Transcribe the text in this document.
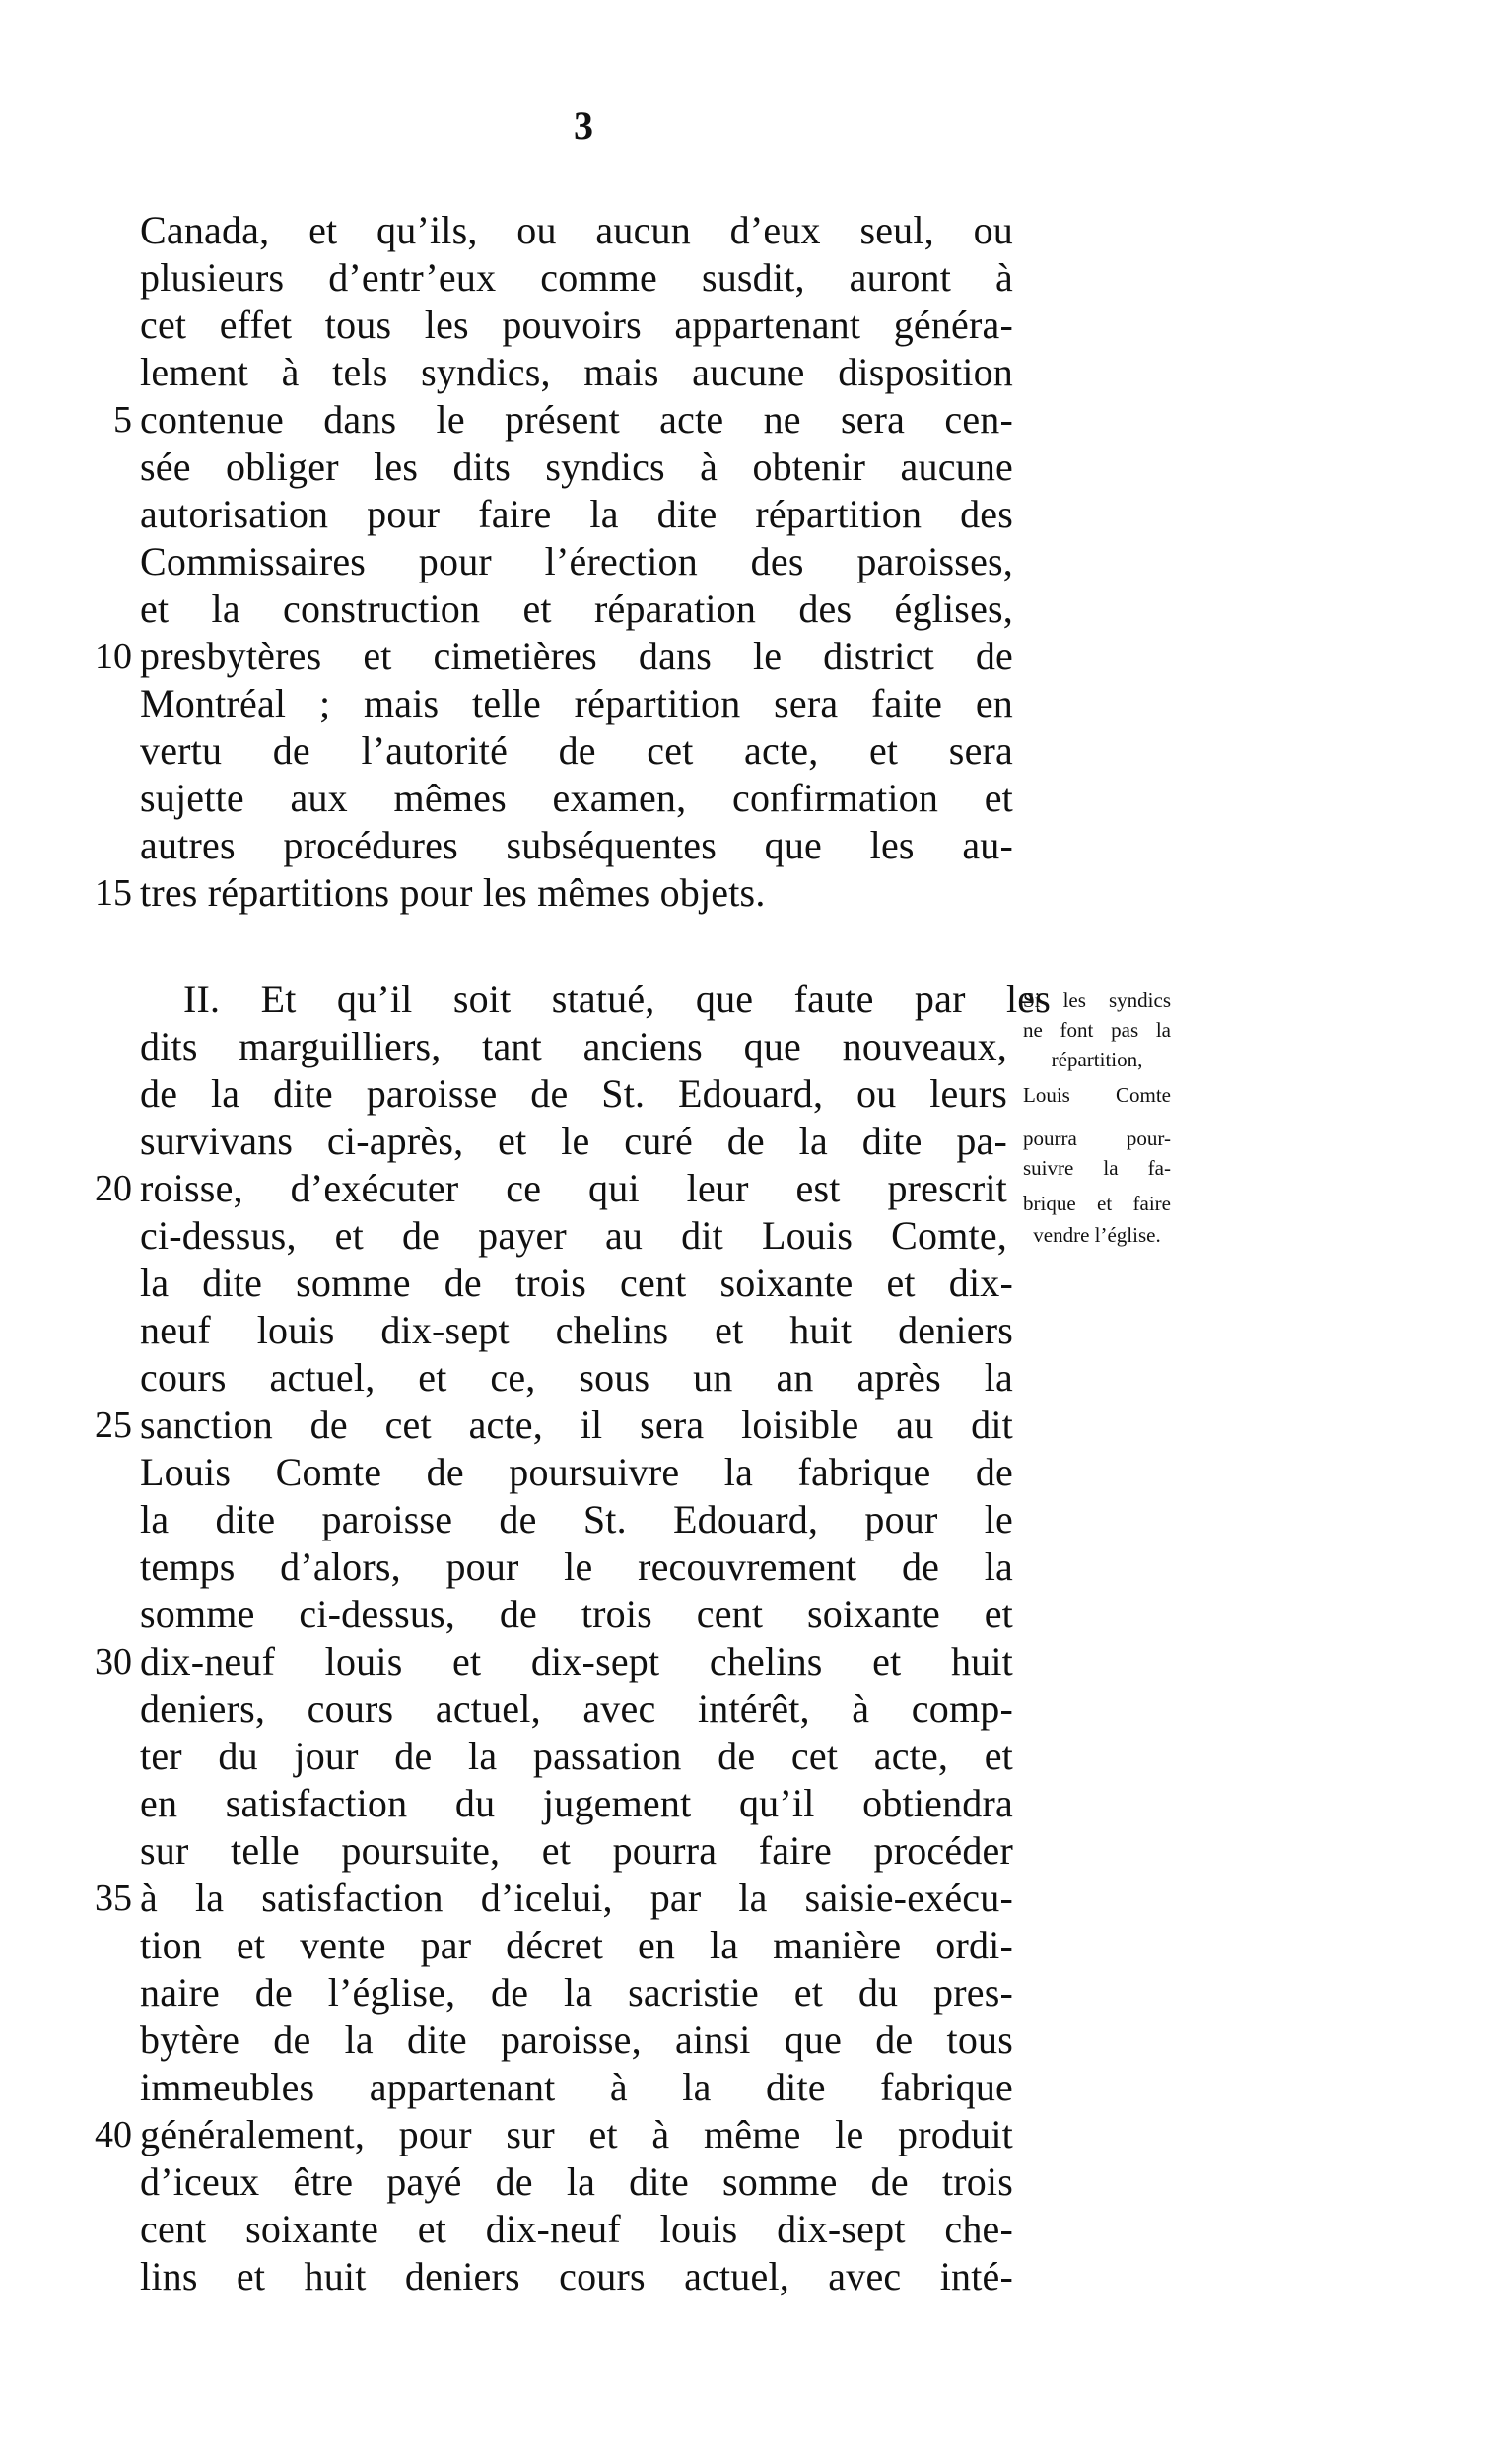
3
Canada, et qu’ils, ou aucun d’eux seul, ou
plusieurs d’entr’eux comme susdit, auront à
cet effet tous les pouvoirs appartenant généra-
lement à tels syndics, mais aucune disposition
contenue dans le présent acte ne sera cen-
sée obliger les dits syndics à obtenir aucune
autorisation pour faire la dite répartition des
Commissaires pour l’érection des paroisses,
et la construction et réparation des églises,
presbytères et cimetières dans le district de
Montréal ; mais telle répartition sera faite en
vertu de l’autorité de cet acte, et sera
sujette aux mêmes examen, confirmation et
autres procédures subséquentes que les au-
tres répartitions pour les mêmes objets.
5
10
15
II. Et qu’il soit statué, que faute par les
dits marguilliers, tant anciens que nouveaux,
de la dite paroisse de St. Edouard, ou leurs
survivans ci-après, et le curé de la dite pa-
roisse, d’exécuter ce qui leur est prescrit
ci-dessus, et de payer au dit Louis Comte,
la dite somme de trois cent soixante et dix-
neuf louis dix-sept chelins et huit deniers
cours actuel, et ce, sous un an après la
sanction de cet acte, il sera loisible au dit
Louis Comte de poursuivre la fabrique de
la dite paroisse de St. Edouard, pour le
temps d’alors, pour le recouvrement de la
somme ci-dessus, de trois cent soixante et
dix-neuf louis et dix-sept chelins et huit
deniers, cours actuel, avec intérêt, à comp-
ter du jour de la passation de cet acte, et
en satisfaction du jugement qu’il obtiendra
sur telle poursuite, et pourra faire procéder
à la satisfaction d’icelui, par la saisie-exécu-
tion et vente par décret en la manière ordi-
naire de l’église, de la sacristie et du pres-
bytère de la dite paroisse, ainsi que de tous
immeubles appartenant à la dite fabrique
généralement, pour sur et à même le produit
d’iceux être payé de la dite somme de trois
cent soixante et dix-neuf louis dix-sept che-
lins et huit deniers cours actuel, avec inté-
20
25
30
35
40
Si les syndics
ne font pas la
répartition,
Louis Comte
pourra pour-
suivre la fa-
brique et faire
vendre l’église.
